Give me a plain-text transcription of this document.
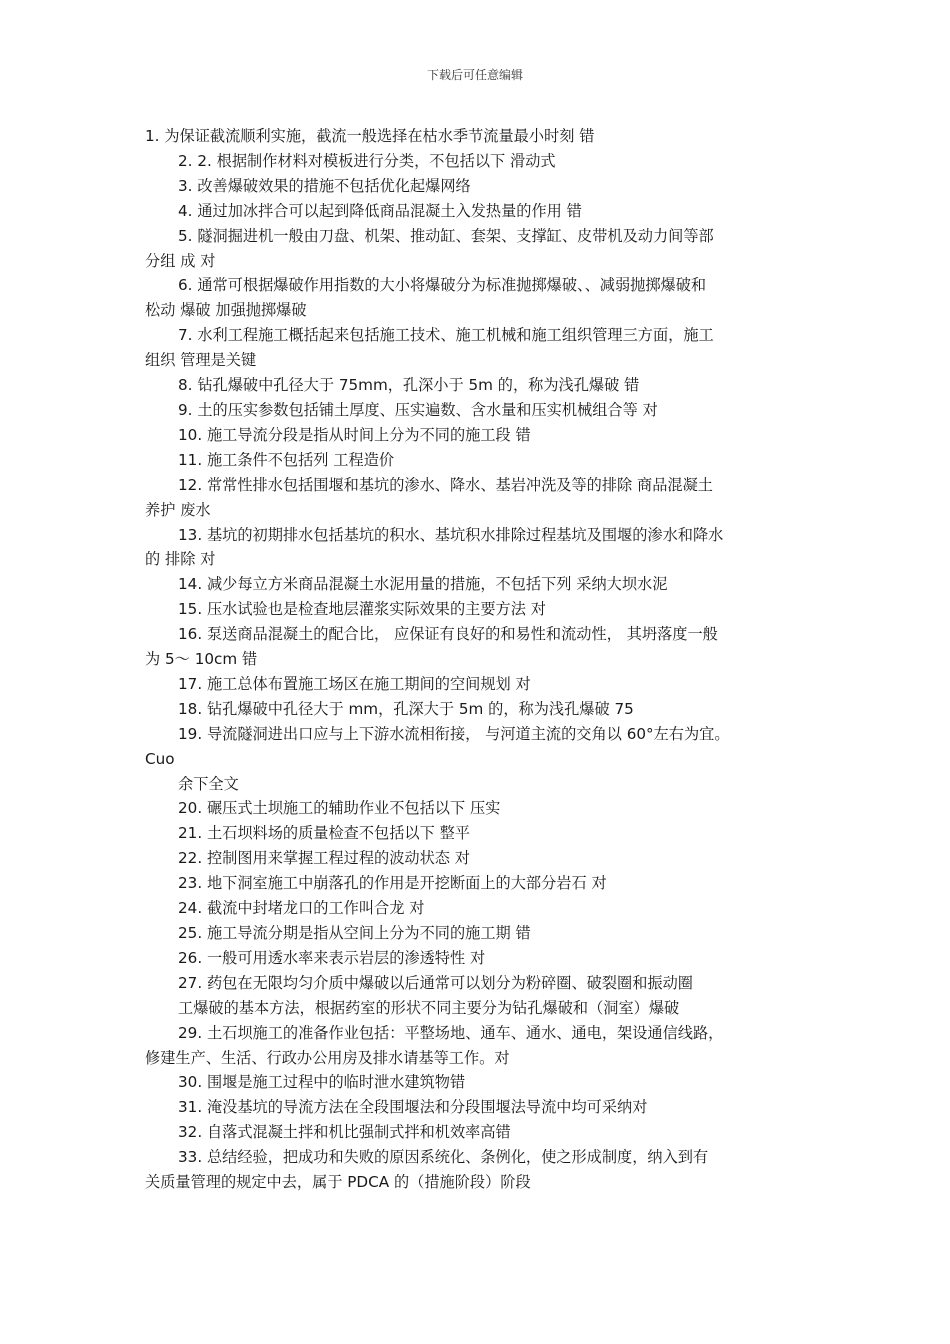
下载后可任意编辑

1. 为保证截流顺利实施，截流一般选择在枯水季节流量最小时刻 错

2. 2. 根据制作材料对模板进行分类，不包括以下 滑动式

3. 改善爆破效果的措施不包括优化起爆网络

4. 通过加冰拌合可以起到降低商品混凝土入发热量的作用 错

5. 隧洞掘进机一般由刀盘、机架、推动缸、套架、支撑缸、皮带机及动力间等部

分组 成 对

6. 通常可根据爆破作用指数的大小将爆破分为标准抛掷爆破、、减弱抛掷爆破和

松动 爆破 加强抛掷爆破

7. 水利工程施工概括起来包括施工技术、施工机械和施工组织管理三方面，施工

组织 管理是关键

8. 钻孔爆破中孔径大于 75mm，孔深小于 5m 的，称为浅孔爆破 错

9. 土的压实参数包括铺土厚度、压实遍数、含水量和压实机械组合等 对

10. 施工导流分段是指从时间上分为不同的施工段 错

11. 施工条件不包括列 工程造价

12. 常常性排水包括围堰和基坑的渗水、降水、基岩冲洗及等的排除 商品混凝土

养护 废水

13. 基坑的初期排水包括基坑的积水、基坑积水排除过程基坑及围堰的渗水和降水

的 排除 对

14. 减少每立方米商品混凝土水泥用量的措施，不包括下列 采纳大坝水泥

15. 压水试验也是检查地层灌浆实际效果的主要方法 对

16. 泵送商品混凝土的配合比， 应保证有良好的和易性和流动性， 其坍落度一般

为 5～ 10cm 错

17. 施工总体布置施工场区在施工期间的空间规划 对

18. 钻孔爆破中孔径大于 mm，孔深大于 5m 的，称为浅孔爆破 75

19. 导流隧洞进出口应与上下游水流相衔接， 与河道主流的交角以 60°左右为宜。

Cuo

余下全文

20. 碾压式土坝施工的辅助作业不包括以下 压实

21. 土石坝料场的质量检查不包括以下 整平

22. 控制图用来掌握工程过程的波动状态 对

23. 地下洞室施工中崩落孔的作用是开挖断面上的大部分岩石 对

24. 截流中封堵龙口的工作叫合龙 对

25. 施工导流分期是指从空间上分为不同的施工期 错

26. 一般可用透水率来表示岩层的渗透特性 对

27. 药包在无限均匀介质中爆破以后通常可以划分为粉碎圈、破裂圈和振动圈

工爆破的基本方法，根据药室的形状不同主要分为钻孔爆破和（洞室）爆破

29. 土石坝施工的准备作业包括：平整场地、通车、通水、通电，架设通信线路，

修建生产、生活、行政办公用房及排水请基等工作。对

30. 围堰是施工过程中的临时泄水建筑物错

31. 淹没基坑的导流方法在全段围堰法和分段围堰法导流中均可采纳对

32. 自落式混凝土拌和机比强制式拌和机效率高错

33. 总结经验，把成功和失败的原因系统化、条例化，使之形成制度，纳入到有

关质量管理的规定中去，属于 PDCA 的（措施阶段）阶段
